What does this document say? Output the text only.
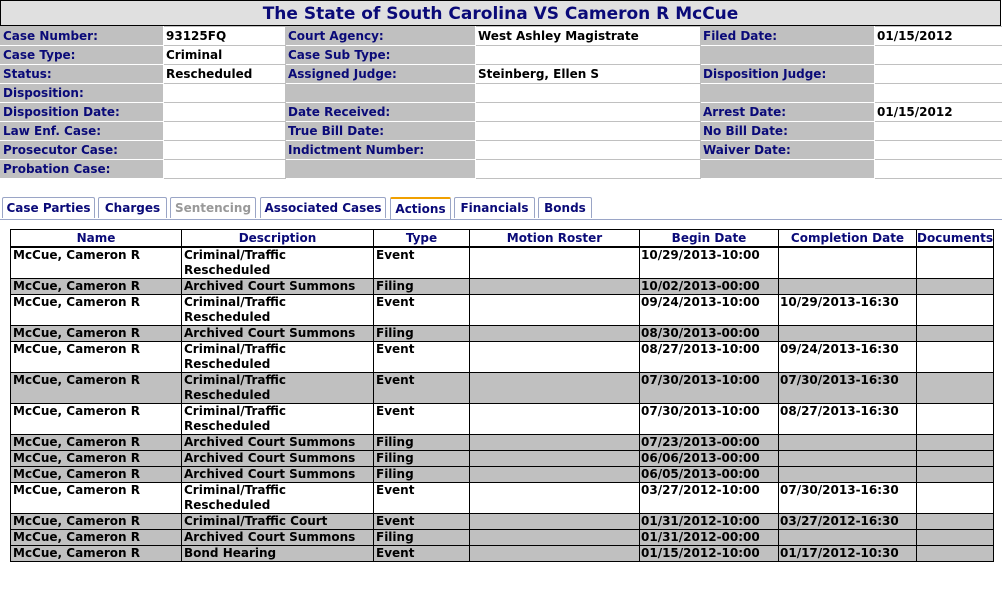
The State of South Carolina VS Cameron R McCue
Case Number:	93125FQ	Court Agency:	West Ashley Magistrate	Filed Date:	01/15/2012
Case Type:	Criminal	Case Sub Type:			
Status:	Rescheduled	Assigned Judge:	Steinberg, Ellen S	Disposition Judge:	
Disposition:					
Disposition Date:		Date Received:		Arrest Date:	01/15/2012
Law Enf. Case:		True Bill Date:		No Bill Date:	
Prosecutor Case:		Indictment Number:		Waiver Date:	
Probation Case:					
Case Parties	Charges	Sentencing	Associated Cases	Actions	Financials	Bonds
Name	Description	Type	Motion Roster	Begin Date	Completion Date	Documents
McCue, Cameron R	Criminal/Traffic Rescheduled	Event		10/29/2013-10:00		
McCue, Cameron R	Archived Court Summons	Filing		10/02/2013-00:00		
McCue, Cameron R	Criminal/Traffic Rescheduled	Event		09/24/2013-10:00	10/29/2013-16:30	
McCue, Cameron R	Archived Court Summons	Filing		08/30/2013-00:00		
McCue, Cameron R	Criminal/Traffic Rescheduled	Event		08/27/2013-10:00	09/24/2013-16:30	
McCue, Cameron R	Criminal/Traffic Rescheduled	Event		07/30/2013-10:00	07/30/2013-16:30	
McCue, Cameron R	Criminal/Traffic Rescheduled	Event		07/30/2013-10:00	08/27/2013-16:30	
McCue, Cameron R	Archived Court Summons	Filing		07/23/2013-00:00		
McCue, Cameron R	Archived Court Summons	Filing		06/06/2013-00:00		
McCue, Cameron R	Archived Court Summons	Filing		06/05/2013-00:00		
McCue, Cameron R	Criminal/Traffic Rescheduled	Event		03/27/2012-10:00	07/30/2013-16:30	
McCue, Cameron R	Criminal/Traffic Court	Event		01/31/2012-10:00	03/27/2012-16:30	
McCue, Cameron R	Archived Court Summons	Filing		01/31/2012-00:00		
McCue, Cameron R	Bond Hearing	Event		01/15/2012-10:00	01/17/2012-10:30	
